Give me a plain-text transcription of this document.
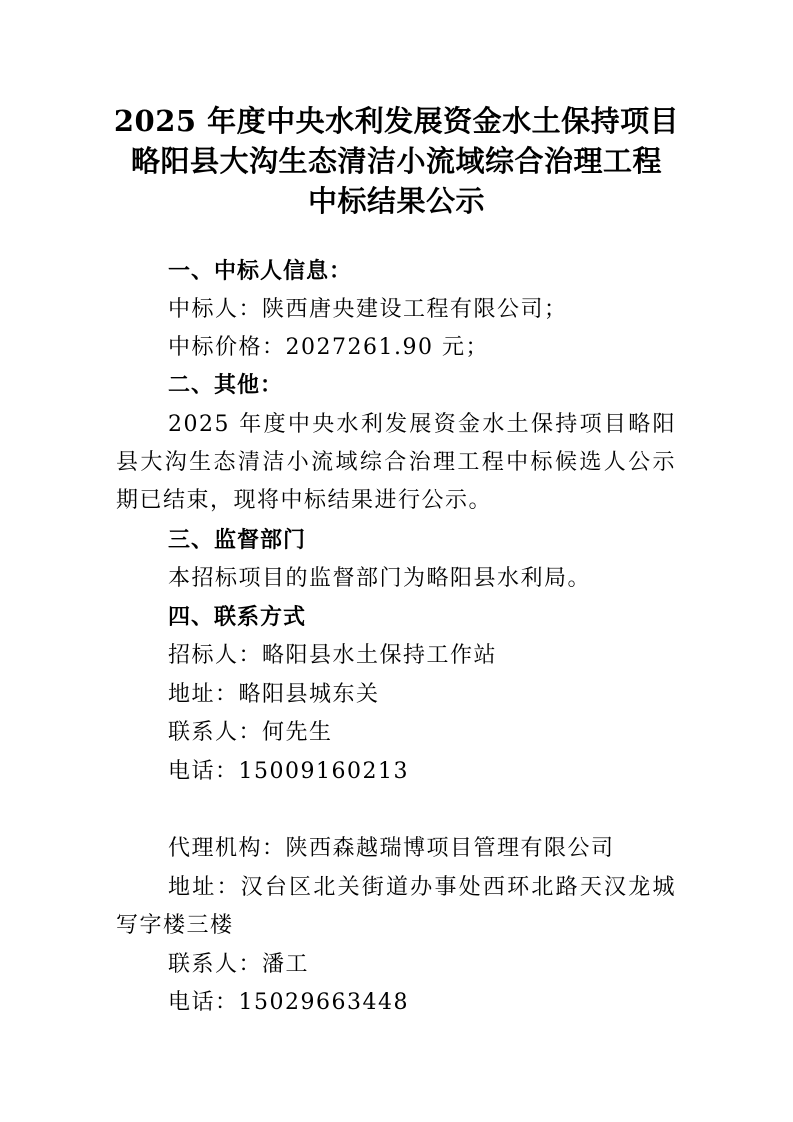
2025 年度中央水利发展资金水土保持项目
略阳县大沟生态清洁小流域综合治理工程
中标结果公示
一、中标人信息：
中标人：陕西唐央建设工程有限公司；
中标价格：2027261.90 元；
二、其他：
2025 年度中央水利发展资金水土保持项目略阳
县大沟生态清洁小流域综合治理工程中标候选人公示
期已结束，现将中标结果进行公示。
三、监督部门
本招标项目的监督部门为略阳县水利局。
四、联系方式
招标人：略阳县水土保持工作站
地址：略阳县城东关
联系人：何先生
电话：15009160213
代理机构：陕西森越瑞博项目管理有限公司
地址：汉台区北关街道办事处西环北路天汉龙城
写字楼三楼
联系人：潘工
电话：15029663448
